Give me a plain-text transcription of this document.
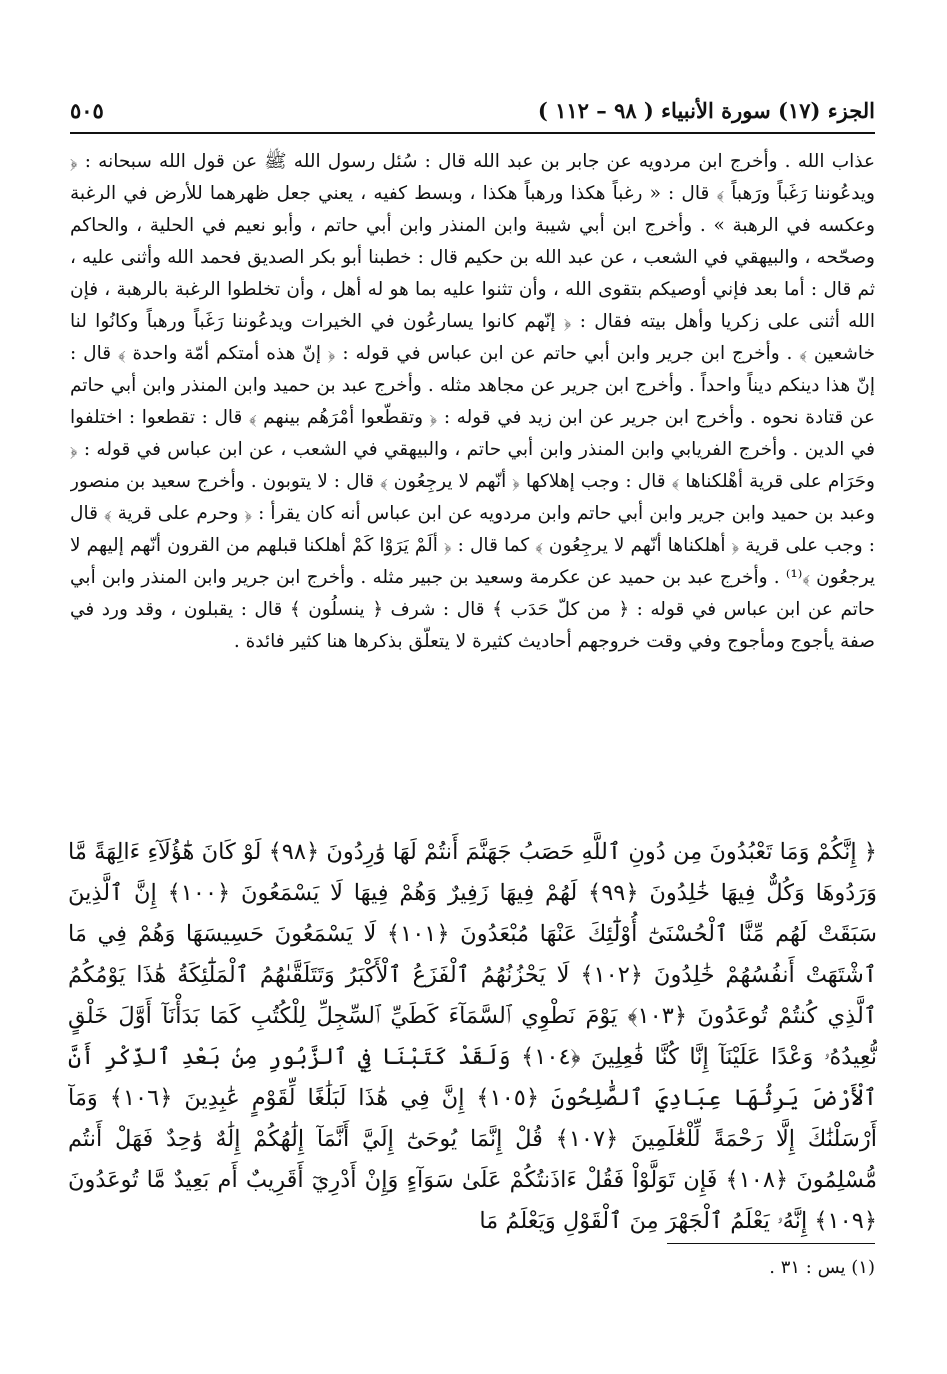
الجزء (١٧) سورة الأنبياء ( ٩٨ – ١١٢ )
٥٠٥

عذاب الله . وأخرج ابن مردويه عن جابر بن عبد الله قال : سُئل رسول الله ﷺ عن قول الله سبحانه : ﴿ ويدعُوننا رَغَباً ورَهباً ﴾ قال : « رغباً هكذا ورهباً هكذا ، وبسط كفيه ، يعني جعل ظهرهما للأرض في الرغبة وعكسه في الرهبة » . وأخرج ابن أبي شيبة وابن المنذر وابن أبي حاتم ، وأبو نعيم في الحلية ، والحاكم وصحّحه ، والبيهقي في الشعب ، عن عبد الله بن حكيم قال : خطبنا أبو بكر الصديق فحمد الله وأثنى عليه ، ثم قال : أما بعد فإني أوصيكم بتقوى الله ، وأن تثنوا عليه بما هو له أهل ، وأن تخلطوا الرغبة بالرهبة ، فإن الله أثنى على زكريا وأهل بيته فقال : ﴿ إنّهم كانوا يسارعُون في الخيرات ويدعُوننا رَغَباً ورهباً وكانُوا لنا خاشعين ﴾ . وأخرج ابن جرير وابن أبي حاتم عن ابن عباس في قوله : ﴿ إنّ هذه أمتكم أمّة واحدة ﴾ قال : إنّ هذا دينكم ديناً واحداً . وأخرج ابن جرير عن مجاهد مثله . وأخرج عبد بن حميد وابن المنذر وابن أبي حاتم عن قتادة نحوه . وأخرج ابن جرير عن ابن زيد في قوله : ﴿ وتقطّعوا أمْرَهُم بينهم ﴾ قال : تقطعوا : اختلفوا في الدين . وأخرج الفريابي وابن المنذر وابن أبي حاتم ، والبيهقي في الشعب ، عن ابن عباس في قوله : ﴿ وحَرَام على قرية أهْلكناها ﴾ قال : وجب إهلاكها ﴿ أنّهم لا يرجِعُون ﴾ قال : لا يتوبون . وأخرج سعيد بن منصور وعبد بن حميد وابن جرير وابن أبي حاتم وابن مردويه عن ابن عباس أنه كان يقرأ : ﴿ وحرم على قرية ﴾ قال : وجب على قرية ﴿ أهلكناها أنّهم لا يرجِعُون ﴾ كما قال : ﴿ ألَمْ يَرَوْا كَمْ أهلكنا قبلهم من القرون أنّهم إليهم لا يرجعُون ﴾⁽¹⁾ . وأخرج عبد بن حميد عن عكرمة وسعيد بن جبير مثله . وأخرج ابن جرير وابن المنذر وابن أبي حاتم عن ابن عباس في قوله : ﴿ من كلّ حَدَب ﴾ قال : شرف ﴿ ينسلُون ﴾ قال : يقبلون ، وقد ورد في صفة يأجوج ومأجوج وفي وقت خروجهم أحاديث كثيرة لا يتعلّق بذكرها هنا كثير فائدة .

﴿ إِنَّكُمْ وَمَا تَعْبُدُونَ مِن دُونِ ٱللَّهِ حَصَبُ جَهَنَّمَ أَنتُمْ لَهَا وَٰرِدُونَ ﴿٩٨﴾ لَوْ كَانَ هَٰٓؤُلَآءِ ءَالِهَةً مَّا وَرَدُوهَا وَكُلٌّ فِيهَا خَٰلِدُونَ ﴿٩٩﴾ لَهُمْ فِيهَا زَفِيرٌ وَهُمْ فِيهَا لَا يَسْمَعُونَ ﴿١٠٠﴾ إِنَّ ٱلَّذِينَ سَبَقَتْ لَهُم مِّنَّا ٱلْحُسْنَىٰٓ أُوْلَٰٓئِكَ عَنْهَا مُبْعَدُونَ ﴿١٠١﴾ لَا يَسْمَعُونَ حَسِيسَهَا وَهُمْ فِي مَا ٱشْتَهَتْ أَنفُسُهُمْ خَٰلِدُونَ ﴿١٠٢﴾ لَا يَحْزُنُهُمُ ٱلْفَزَعُ ٱلْأَكْبَرُ وَتَتَلَقَّىٰهُمُ ٱلْمَلَٰٓئِكَةُ هَٰذَا يَوْمُكُمُ ٱلَّذِي كُنتُمْ تُوعَدُونَ ﴿١٠٣﴾ يَوْمَ نَطْوِي ٱلسَّمَآءَ كَطَيِّ ٱلسِّجِلِّ لِلْكُتُبِ كَمَا بَدَأْنَآ أَوَّلَ خَلْقٍ نُّعِيدُهُۥ وَعْدًا عَلَيْنَآ إِنَّا كُنَّا فَٰعِلِينَ ﴿١٠٤﴾ وَلَقَدْ كَتَبْنَا فِي ٱلزَّبُورِ مِنۢ بَعْدِ ٱلذِّكْرِ أَنَّ ٱلْأَرْضَ يَرِثُهَا عِبَادِيَ ٱلصَّٰلِحُونَ ﴿١٠٥﴾ إِنَّ فِي هَٰذَا لَبَلَٰغًا لِّقَوْمٍ عَٰبِدِينَ ﴿١٠٦﴾ وَمَآ أَرْسَلْنَٰكَ إِلَّا رَحْمَةً لِّلْعَٰلَمِينَ ﴿١٠٧﴾ قُلْ إِنَّمَا يُوحَىٰٓ إِلَيَّ أَنَّمَآ إِلَٰهُكُمْ إِلَٰهٌ وَٰحِدٌ فَهَلْ أَنتُم مُّسْلِمُونَ ﴿١٠٨﴾ فَإِن تَوَلَّوْاْ فَقُلْ ءَاذَنتُكُمْ عَلَىٰ سَوَآءٍ وَإِنْ أَدْرِيٓ أَقَرِيبٌ أَم بَعِيدٌ مَّا تُوعَدُونَ ﴿١٠٩﴾ إِنَّهُۥ يَعْلَمُ ٱلْجَهْرَ مِنَ ٱلْقَوْلِ وَيَعْلَمُ مَا

(١) يس : ٣١ .
